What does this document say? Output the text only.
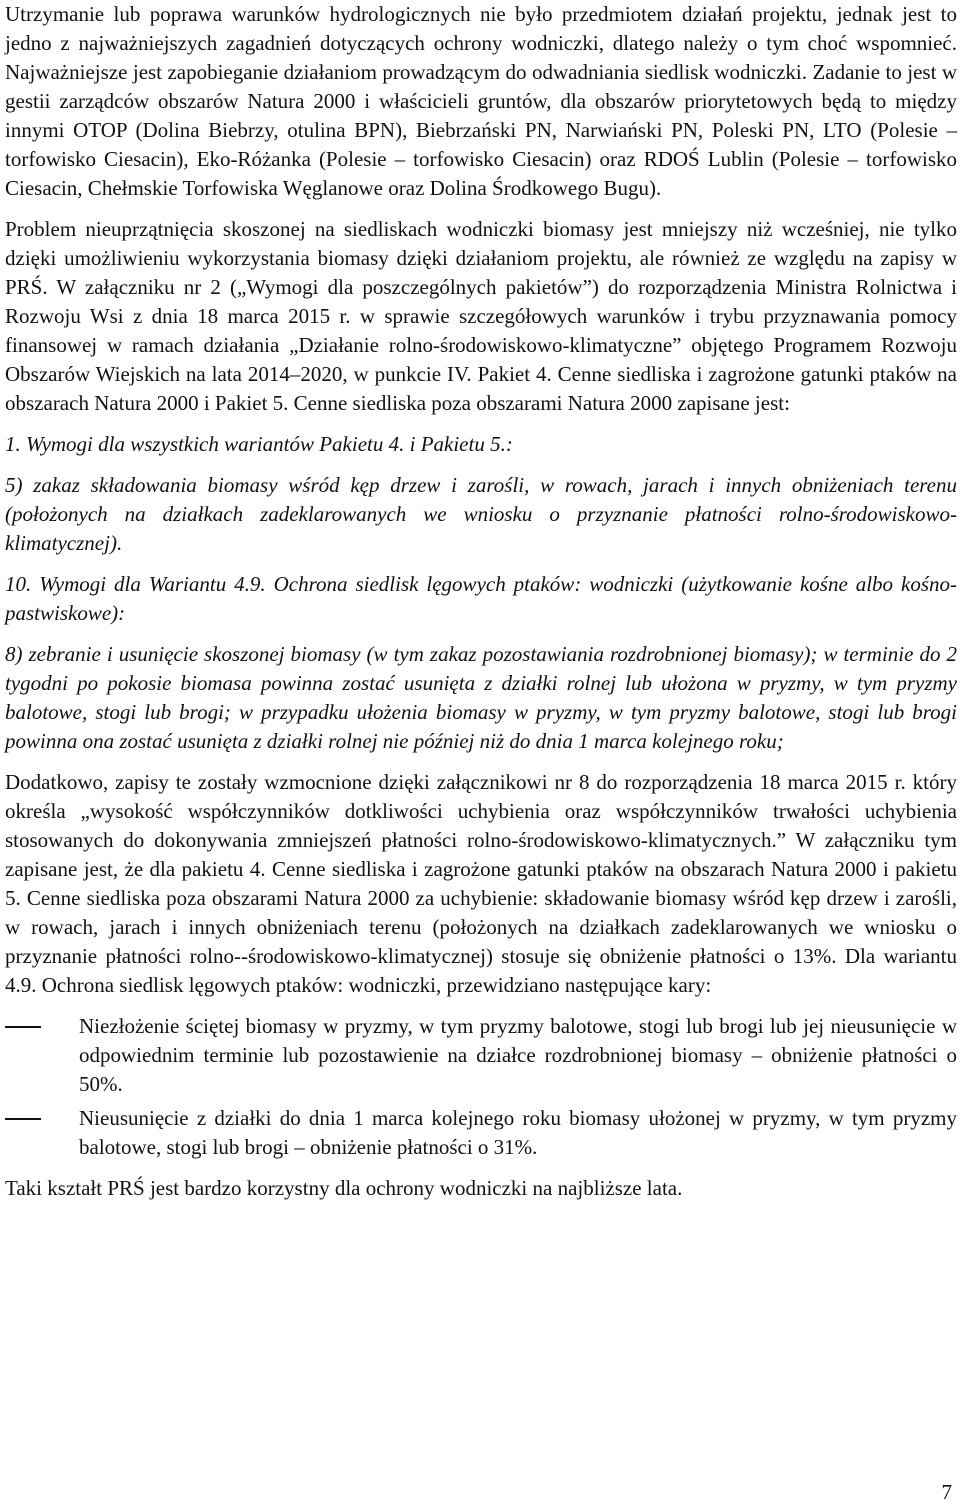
Utrzymanie lub poprawa warunków hydrologicznych nie było przedmiotem działań projektu, jednak jest to jedno z najważniejszych zagadnień dotyczących ochrony wodniczki, dlatego należy o tym choć wspomnieć. Najważniejsze jest zapobieganie działaniom prowadzącym do odwadniania siedlisk wodniczki. Zadanie to jest w gestii zarządców obszarów Natura 2000 i właścicieli gruntów, dla obszarów priorytetowych będą to między innymi OTOP (Dolina Biebrzy, otulina BPN), Biebrzański PN, Narwiański PN, Poleski PN, LTO (Polesie – torfowisko Ciesacin), Eko-Różanka (Polesie – torfowisko Ciesacin) oraz RDOŚ Lublin (Polesie – torfowisko Ciesacin, Chełmskie Torfowiska Węglanowe oraz Dolina Środkowego Bugu).

Problem nieuprzątnięcia skoszonej na siedliskach wodniczki biomasy jest mniejszy niż wcześniej, nie tylko dzięki umożliwieniu wykorzystania biomasy dzięki działaniom projektu, ale również ze względu na zapisy w PRŚ. W załączniku nr 2 („Wymogi dla poszczególnych pakietów”) do rozporządzenia Ministra Rolnictwa i Rozwoju Wsi z dnia 18 marca 2015 r. w sprawie szczegółowych warunków i trybu przyznawania pomocy finansowej w ramach działania „Działanie rolno-środowiskowo-klimatyczne” objętego Programem Rozwoju Obszarów Wiejskich na lata 2014–2020, w punkcie IV. Pakiet 4. Cenne siedliska i zagrożone gatunki ptaków na obszarach Natura 2000 i Pakiet 5. Cenne siedliska poza obszarami Natura 2000 zapisane jest:

1. Wymogi dla wszystkich wariantów Pakietu 4. i Pakietu 5.:

5) zakaz składowania biomasy wśród kęp drzew i zarośli, w rowach, jarach i innych obniżeniach terenu (położonych na działkach zadeklarowanych we wniosku o przyznanie płatności rolno-środowiskowo-klimatycznej).

10. Wymogi dla Wariantu 4.9. Ochrona siedlisk lęgowych ptaków: wodniczki (użytkowanie kośne albo kośno-pastwiskowe):

8) zebranie i usunięcie skoszonej biomasy (w tym zakaz pozostawiania rozdrobnionej biomasy); w terminie do 2 tygodni po pokosie biomasa powinna zostać usunięta z działki rolnej lub ułożona w pryzmy, w tym pryzmy balotowe, stogi lub brogi; w przypadku ułożenia biomasy w pryzmy, w tym pryzmy balotowe, stogi lub brogi powinna ona zostać usunięta z działki rolnej nie później niż do dnia 1 marca kolejnego roku;

Dodatkowo, zapisy te zostały wzmocnione dzięki załącznikowi nr 8 do rozporządzenia 18 marca 2015 r. który określa „wysokość współczynników dotkliwości uchybienia oraz współczynników trwałości uchybienia stosowanych do dokonywania zmniejszeń płatności rolno-środowiskowo-klimatycznych.” W załączniku tym zapisane jest, że dla pakietu 4. Cenne siedliska i zagrożone gatunki ptaków na obszarach Natura 2000 i pakietu 5. Cenne siedliska poza obszarami Natura 2000 za uchybienie: składowanie biomasy wśród kęp drzew i zarośli, w rowach, jarach i innych obniżeniach terenu (położonych na działkach zadeklarowanych we wniosku o przyznanie płatności rolno--środowiskowo-klimatycznej) stosuje się obniżenie płatności o 13%. Dla wariantu 4.9. Ochrona siedlisk lęgowych ptaków: wodniczki, przewidziano następujące kary:

Niezłożenie ściętej biomasy w pryzmy, w tym pryzmy balotowe, stogi lub brogi lub jej nieusunięcie w odpowiednim terminie lub pozostawienie na działce rozdrobnionej biomasy – obniżenie płatności o 50%.
Nieusunięcie z działki do dnia 1 marca kolejnego roku biomasy ułożonej w pryzmy, w tym pryzmy balotowe, stogi lub brogi – obniżenie płatności o 31%.

Taki kształt PRŚ jest bardzo korzystny dla ochrony wodniczki na najbliższe lata.

7
